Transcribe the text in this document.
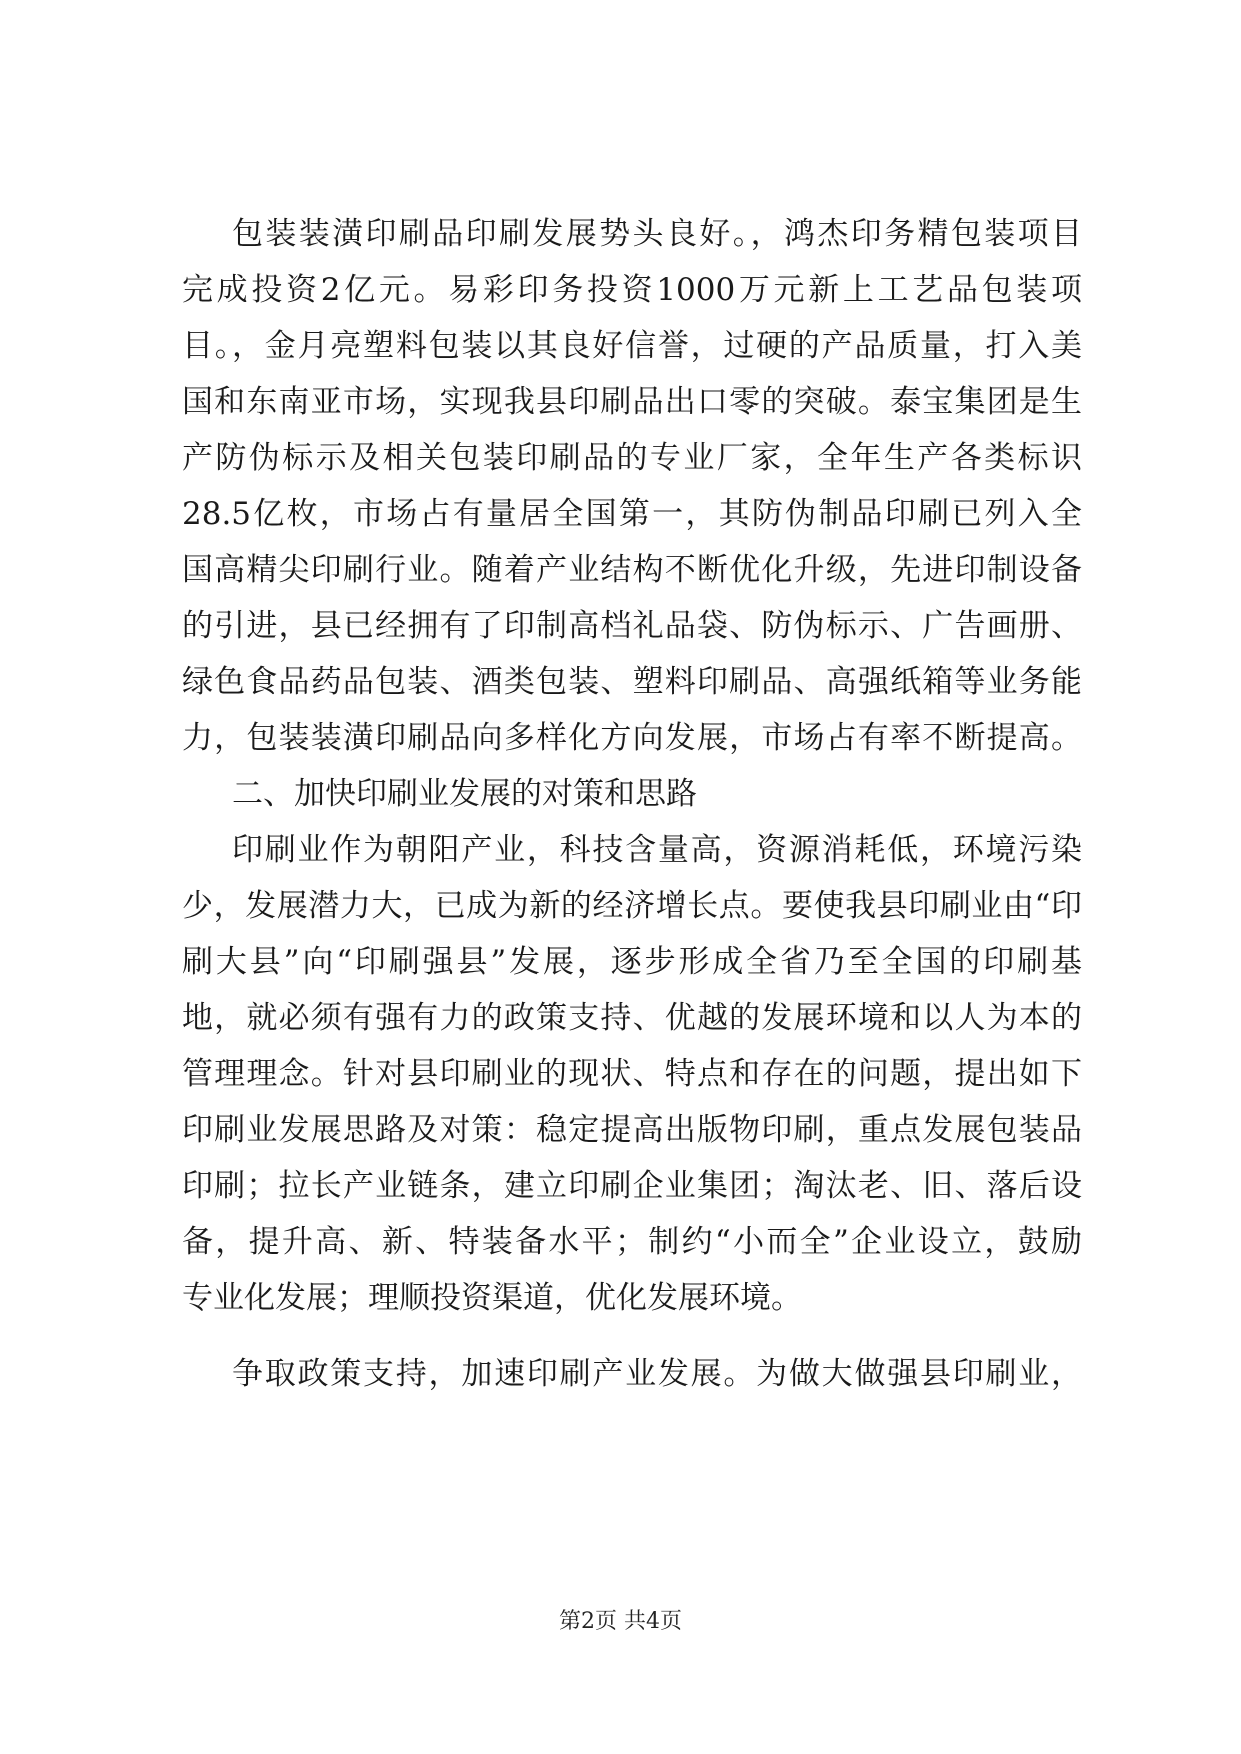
包装装潢印刷品印刷发展势头良好。，鸿杰印务精包装项目
完成投资2亿元。易彩印务投资1000万元新上工艺品包装项
目。，金月亮塑料包装以其良好信誉，过硬的产品质量，打入美
国和东南亚市场，实现我县印刷品出口零的突破。泰宝集团是生
产防伪标示及相关包装印刷品的专业厂家，全年生产各类标识
28.5亿枚，市场占有量居全国第一，其防伪制品印刷已列入全
国高精尖印刷行业。随着产业结构不断优化升级，先进印制设备
的引进，县已经拥有了印制高档礼品袋、防伪标示、广告画册、
绿色食品药品包装、酒类包装、塑料印刷品、高强纸箱等业务能
力，包装装潢印刷品向多样化方向发展，市场占有率不断提高。
二、加快印刷业发展的对策和思路
印刷业作为朝阳产业，科技含量高，资源消耗低，环境污染
少，发展潜力大，已成为新的经济增长点。要使我县印刷业由“印
刷大县”向“印刷强县”发展，逐步形成全省乃至全国的印刷基
地，就必须有强有力的政策支持、优越的发展环境和以人为本的
管理理念。针对县印刷业的现状、特点和存在的问题，提出如下
印刷业发展思路及对策：稳定提高出版物印刷，重点发展包装品
印刷；拉长产业链条，建立印刷企业集团；淘汰老、旧、落后设
备，提升高、新、特装备水平；制约“小而全”企业设立，鼓励
专业化发展；理顺投资渠道，优化发展环境。
争取政策支持，加速印刷产业发展。为做大做强县印刷业，
第2页 共4页
